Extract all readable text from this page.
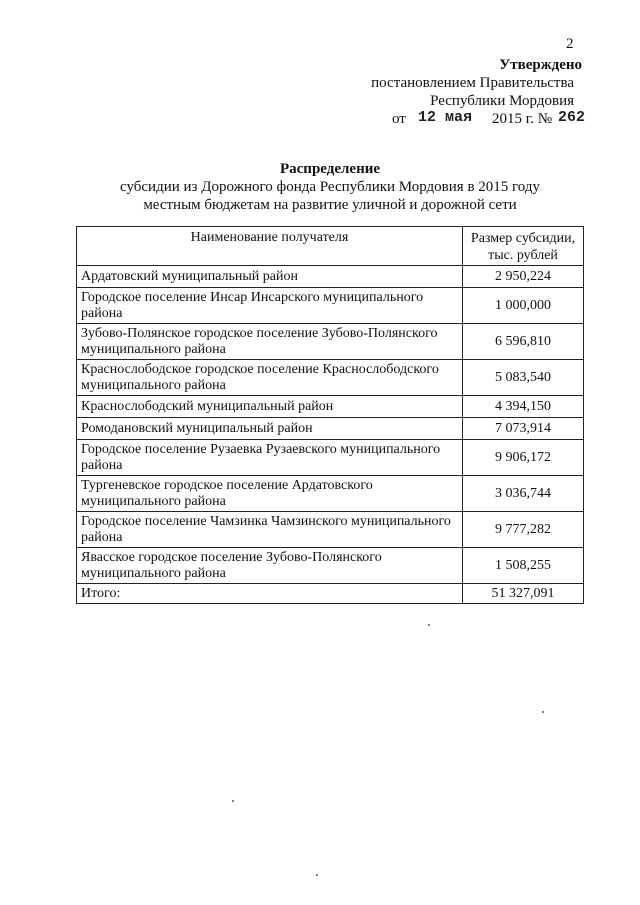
2
Утверждено
постановлением Правительства
Республики Мордовия
от 12 мая 2015 г. № 262
Распределение
субсидии из Дорожного фонда Республики Мордовия в 2015 году
местным бюджетам на развитие уличной и дорожной сети
Наименование получателя	Размер субсидии,
тыс. рублей

Ардатовский муниципальный район	2 950,224
Городское поселение Инсар Инсарского муниципального района	1 000,000
Зубово-Полянское городское поселение Зубово-Полянского муниципального района	6 596,810
Краснослободское городское поселение Краснослободского муниципального района	5 083,540
Краснослободский муниципальный район	4 394,150
Ромодановский муниципальный район	7 073,914
Городское поселение Рузаевка Рузаевского муниципального района	9 906,172
Тургеневское городское поселение Ардатовского муниципального района	3 036,744
Городское поселение Чамзинка Чамзинского муниципального района	9 777,282
Явасское городское поселение Зубово-Полянского муниципального района	1 508,255
Итого:	51 327,091
